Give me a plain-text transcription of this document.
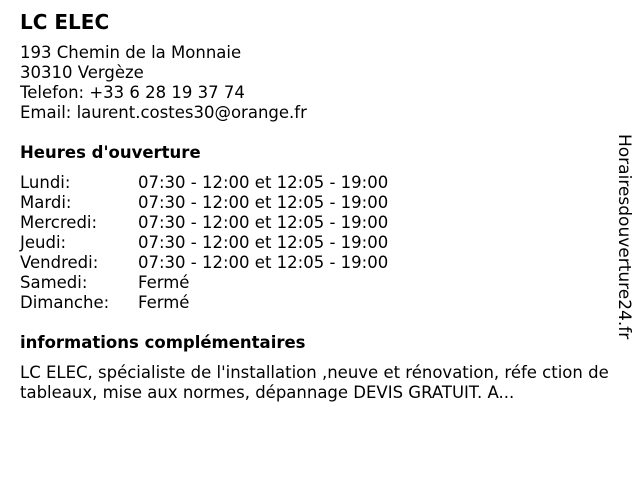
LC ELEC
193 Chemin de la Monnaie
30310 Vergèze
Telefon: +33 6 28 19 37 74
Email: laurent.costes30@orange.fr
Heures d'ouverture
Lundi:	07:30 - 12:00 et 12:05 - 19:00
Mardi:	07:30 - 12:00 et 12:05 - 19:00
Mercredi:	07:30 - 12:00 et 12:05 - 19:00
Jeudi:	07:30 - 12:00 et 12:05 - 19:00
Vendredi:	07:30 - 12:00 et 12:05 - 19:00
Samedi:	Fermé
Dimanche:	Fermé
informations complémentaires
LC ELEC, spécialiste de l'installation ,neuve et rénovation, réfe ction de tableaux, mise aux normes, dépannage DEVIS GRATUIT. A...
Horairesdouverture24.fr
